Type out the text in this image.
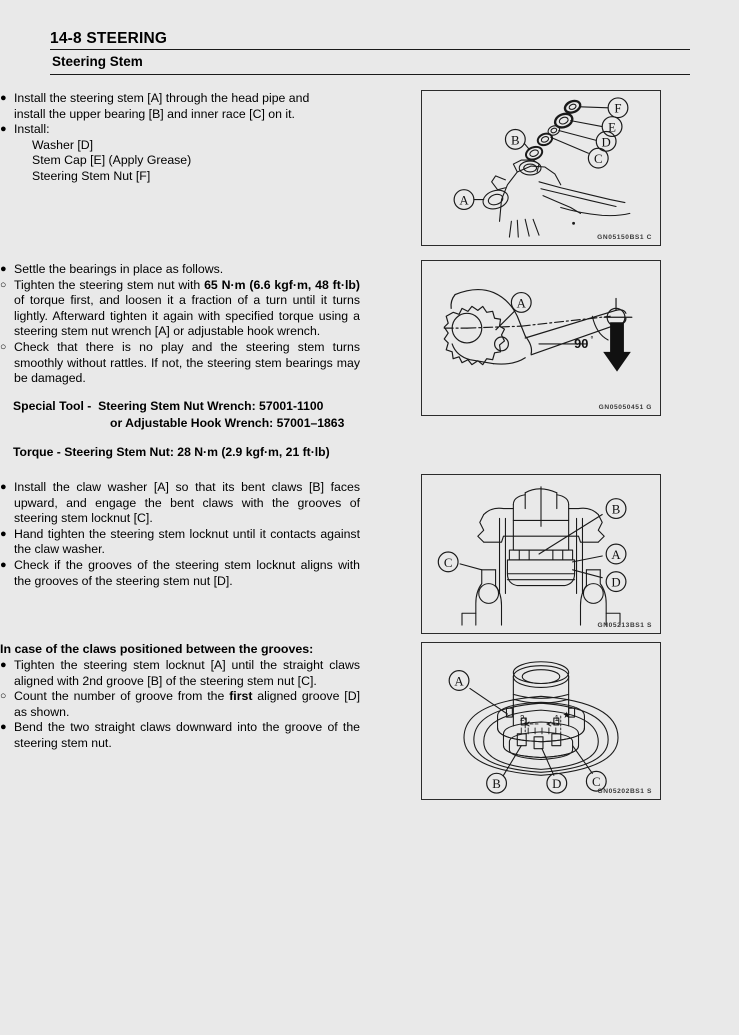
14-8 STEERING
Steering Stem
● Install the steering stem [A] through the head pipe and

install the upper bearing [B] and inner race [C] on it.

● Install:

Washer [D]

Stem Cap [E] (Apply Grease)

Steering Stem Nut [F]

● Settle the bearings in place as follows.

○ Tighten the steering stem nut with 65 N·m (6.6 kgf·m, 48 ft·lb) of torque first, and loosen it a fraction of a turn until it turns lightly. Afterward tighten it again with specified torque using a steering stem nut wrench [A] or adjustable hook wrench.

○ Check that there is no play and the steering stem turns smoothly without rattles. If not, the steering stem bearings may be damaged.

Special Tool - Steering Stem Nut Wrench: 57001-1100
or Adjustable Hook Wrench: 57001–1863
Torque - Steering Stem Nut: 28 N·m (2.9 kgf·m, 21 ft·lb)
● Install the claw washer [A] so that its bent claws [B] faces upward, and engage the bent claws with the grooves of steering stem locknut [C].

● Hand tighten the steering stem locknut until it contacts against the claw washer.

● Check if the grooves of the steering stem locknut aligns with the grooves of the steering stem nut [D].

In case of the claws positioned between the grooves:
● Tighten the steering stem locknut [A] until the straight claws aligned with 2nd groove [B] of the steering stem nut [C].

○ Count the number of groove from the first aligned groove [D] as shown.

● Bend the two straight claws downward into the groove of the steering stem nut.

A
B
C
D
E
F
GN05150BS1 C
A
90 °
GN05050451 G
C
B
A
D
GN05213BS1 S
★
2	1
A
B	D C
GN05202BS1 S
